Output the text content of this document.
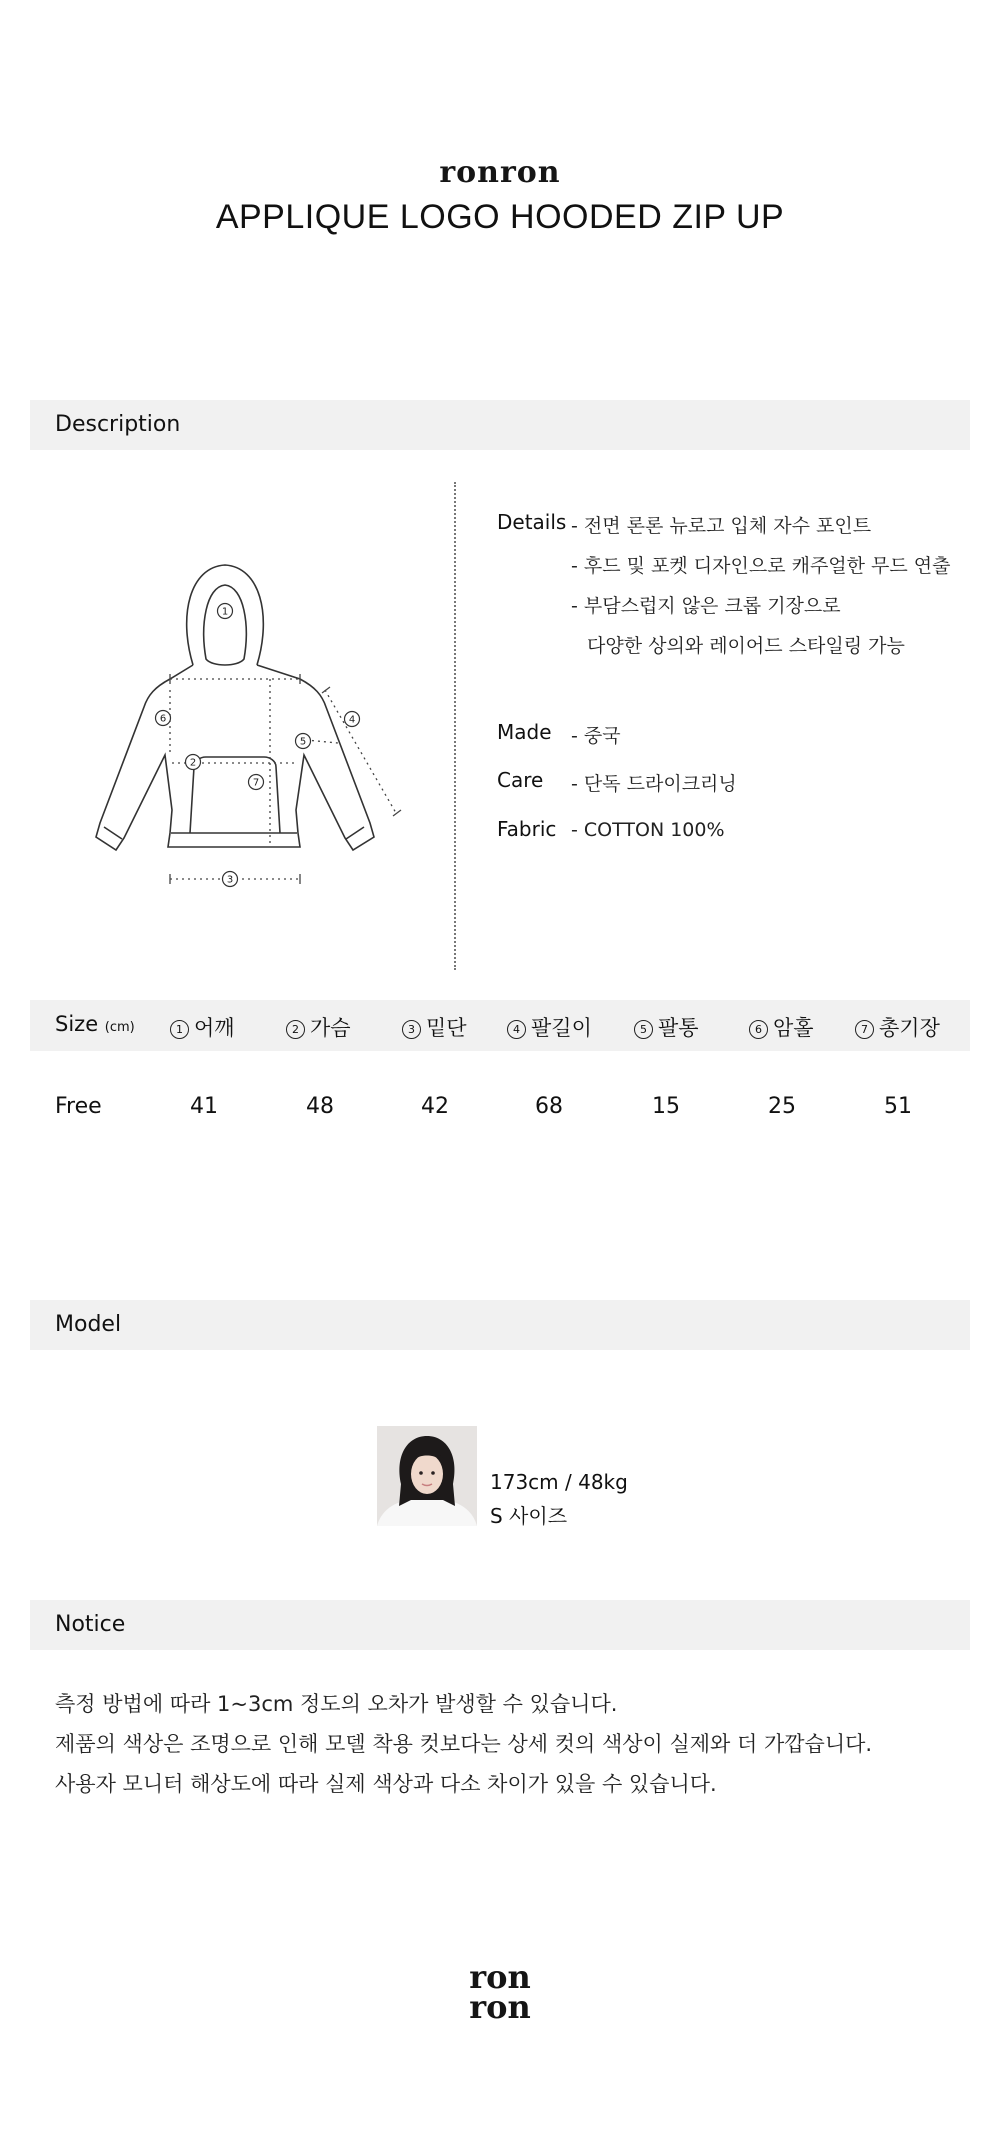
ronron
APPLIQUE LOGO HOODED ZIP UP
Description
1
2
3
4
5
6
7
Details - 전면 론론 뉴로고 입체 자수 포인트
- 후드 및 포켓 디자인으로 캐주얼한 무드 연출
- 부담스럽지 않은 크롭 기장으로
다양한 상의와 레이어드 스타일링 가능
Made - 중국
Care - 단독 드라이크리닝
Fabric - COTTON 100%
Size (cm)	1 어깨	2 가슴	3 밑단	4 팔길이	5 팔통	6 암홀	7 총기장
Free	41	48	42	68	15	25	51
Model
173cm / 48kg
S 사이즈
Notice
측정 방법에 따라 1~3cm 정도의 오차가 발생할 수 있습니다.
제품의 색상은 조명으로 인해 모델 착용 컷보다는 상세 컷의 색상이 실제와 더 가깝습니다.
사용자 모니터 해상도에 따라 실제 색상과 다소 차이가 있을 수 있습니다.
ron
ron
